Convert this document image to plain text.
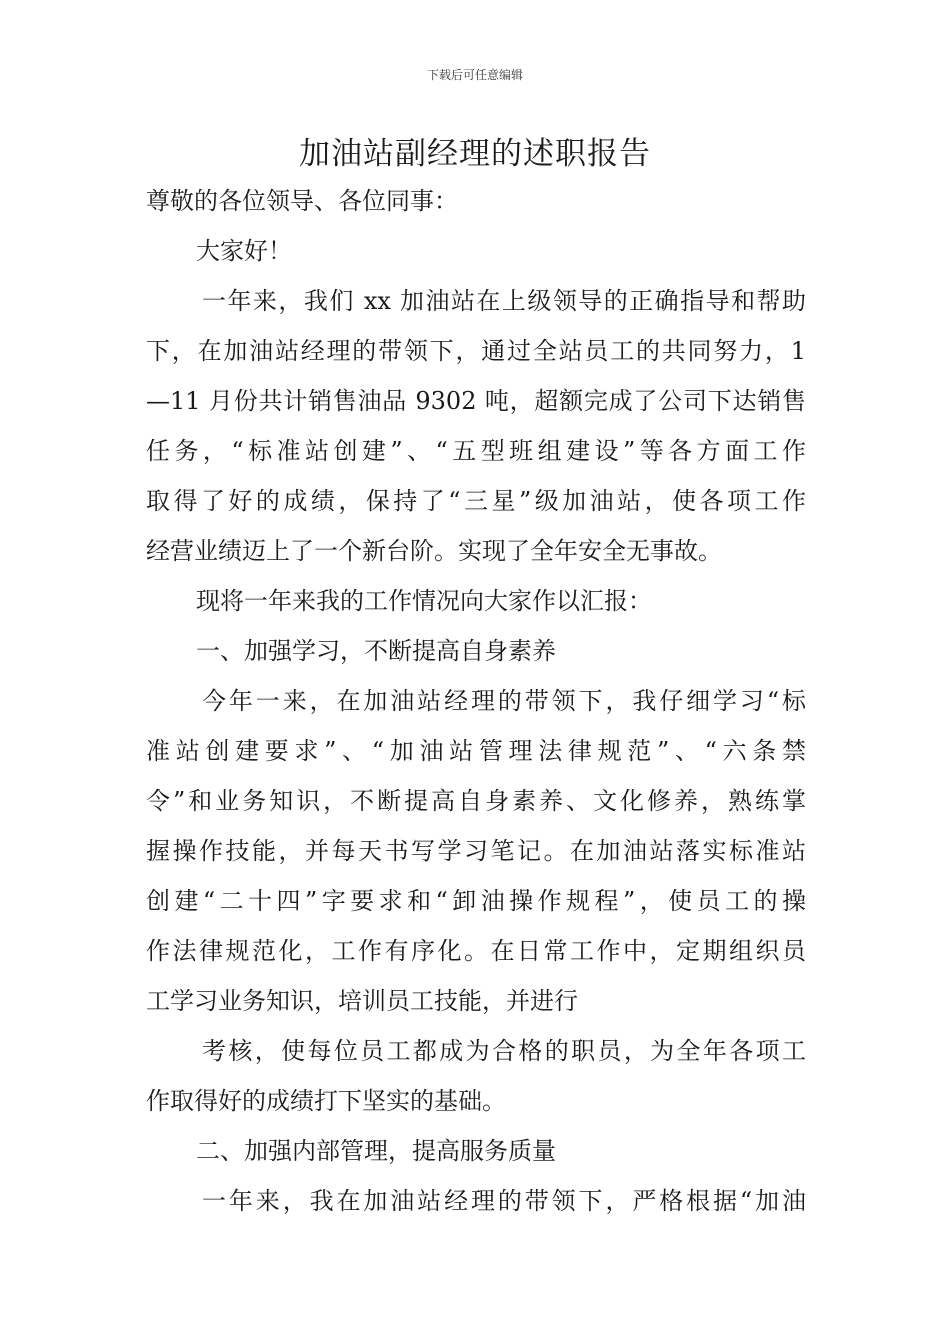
下载后可任意编辑
加油站副经理的述职报告
尊敬的各位领导、各位同事：
大家好！
一年来，我们 xx 加油站在上级领导的正确指导和帮助
下，在加油站经理的带领下，通过全站员工的共同努力，1
—11 月份共计销售油品 9302 吨，超额完成了公司下达销售
任务，“标准站创建”、“五型班组建设”等各方面工作
取得了好的成绩，保持了“三星”级加油站，使各项工作
经营业绩迈上了一个新台阶。实现了全年安全无事故。
现将一年来我的工作情况向大家作以汇报：
一、加强学习，不断提高自身素养
今年一来，在加油站经理的带领下，我仔细学习“标
准站创建要求”、“加油站管理法律规范”、“六条禁
令”和业务知识，不断提高自身素养、文化修养，熟练掌
握操作技能，并每天书写学习笔记。在加油站落实标准站
创建“二十四”字要求和“卸油操作规程”，使员工的操
作法律规范化，工作有序化。在日常工作中，定期组织员
工学习业务知识，培训员工技能，并进行
考核，使每位员工都成为合格的职员，为全年各项工
作取得好的成绩打下坚实的基础。
二、加强内部管理，提高服务质量
一年来，我在加油站经理的带领下，严格根据“加油
